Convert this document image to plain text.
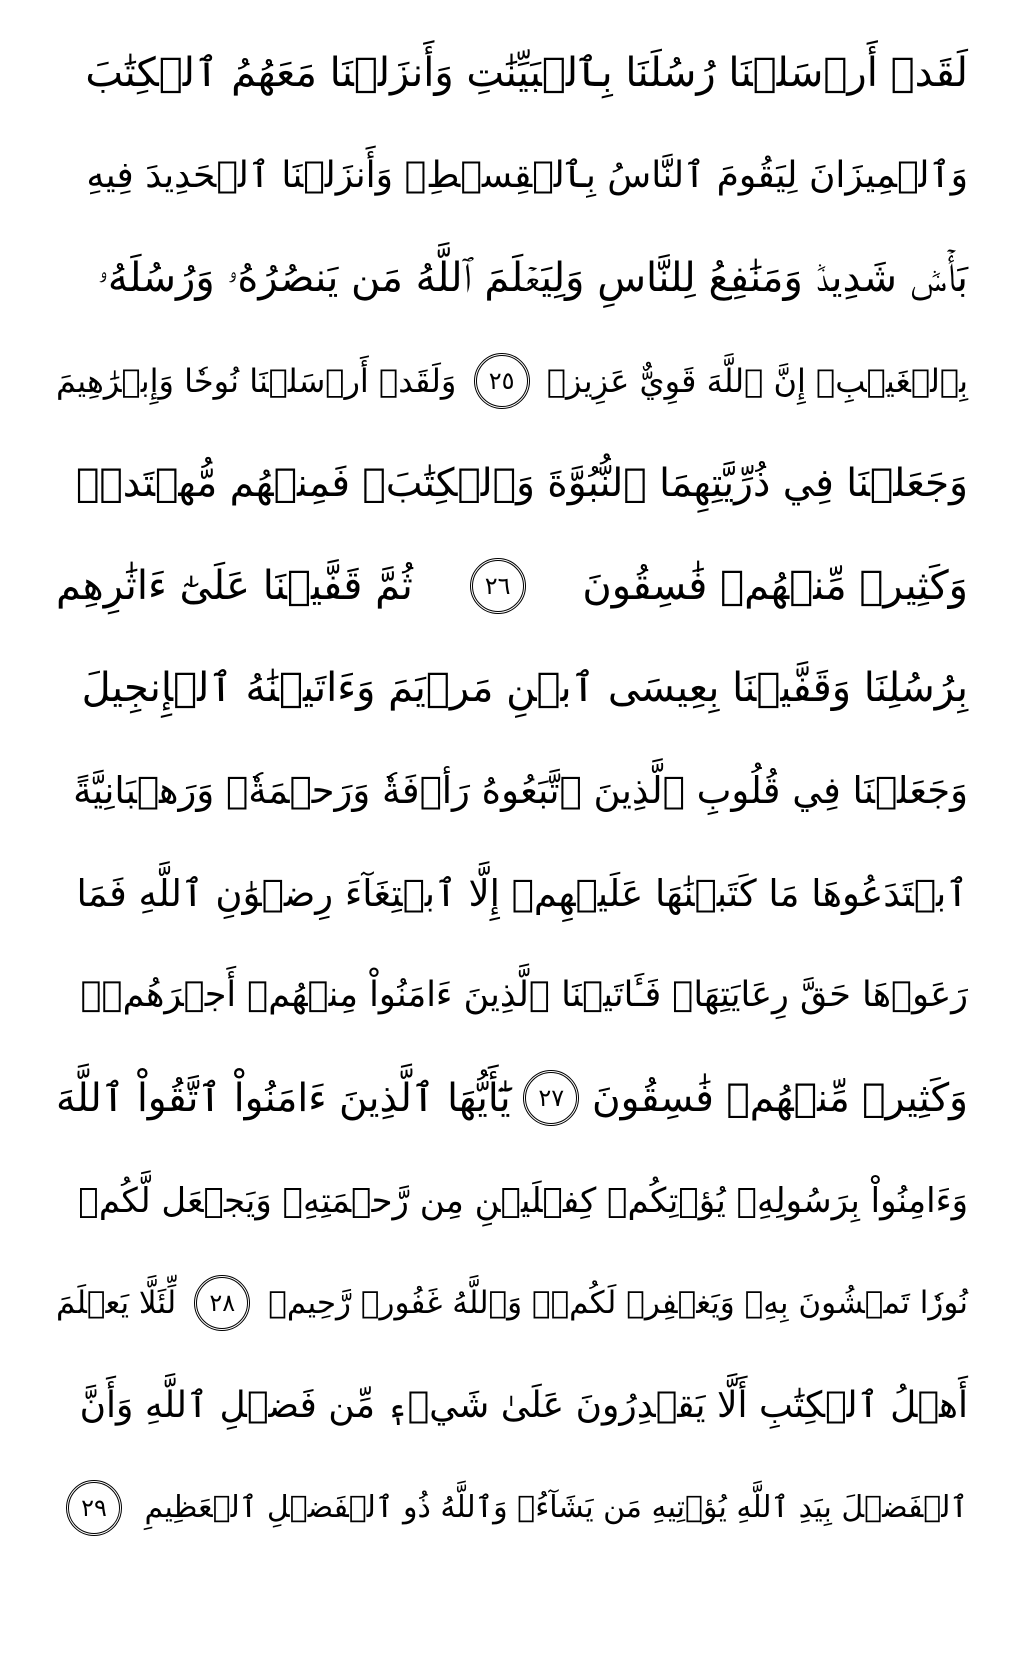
لَقَدۡ أَرۡسَلۡنَا رُسُلَنَا بِٱلۡبَيِّنَٰتِ وَأَنزَلۡنَا مَعَهُمُ ٱلۡكِتَٰبَ
وَٱلۡمِيزَانَ لِيَقُومَ ٱلنَّاسُ بِٱلۡقِسۡطِۖ وَأَنزَلۡنَا ٱلۡحَدِيدَ فِيهِ
بَأۡسٞ شَدِيدٞ وَمَنَٰفِعُ لِلنَّاسِ وَلِيَعۡلَمَ ٱللَّهُ مَن يَنصُرُهُۥ وَرُسُلَهُۥ
بِٱلۡغَيۡبِۚ إِنَّ ٱللَّهَ قَوِيٌّ عَزِيزٞ
٢٥
وَلَقَدۡ أَرۡسَلۡنَا نُوحٗا وَإِبۡرَٰهِيمَ
وَجَعَلۡنَا فِي ذُرِّيَّتِهِمَا ٱلنُّبُوَّةَ وَٱلۡكِتَٰبَۖ فَمِنۡهُم مُّهۡتَدٖۖ
وَكَثِيرٞ مِّنۡهُمۡ فَٰسِقُونَ
٢٦
ثُمَّ قَفَّيۡنَا عَلَىٰٓ ءَاثَٰرِهِم
بِرُسُلِنَا وَقَفَّيۡنَا بِعِيسَى ٱبۡنِ مَرۡيَمَ وَءَاتَيۡنَٰهُ ٱلۡإِنجِيلَ
وَجَعَلۡنَا فِي قُلُوبِ ٱلَّذِينَ ٱتَّبَعُوهُ رَأۡفَةٗ وَرَحۡمَةٗۚ وَرَهۡبَانِيَّةً
ٱبۡتَدَعُوهَا مَا كَتَبۡنَٰهَا عَلَيۡهِمۡ إِلَّا ٱبۡتِغَآءَ رِضۡوَٰنِ ٱللَّهِ فَمَا
رَعَوۡهَا حَقَّ رِعَايَتِهَاۖ فَـَٔاتَيۡنَا ٱلَّذِينَ ءَامَنُواْ مِنۡهُمۡ أَجۡرَهُمۡۖ
وَكَثِيرٞ مِّنۡهُمۡ فَٰسِقُونَ
٢٧
يَٰٓأَيُّهَا ٱلَّذِينَ ءَامَنُواْ ٱتَّقُواْ ٱللَّهَ
وَءَامِنُواْ بِرَسُولِهِۦ يُؤۡتِكُمۡ كِفۡلَيۡنِ مِن رَّحۡمَتِهِۦ وَيَجۡعَل لَّكُمۡ
نُورٗا تَمۡشُونَ بِهِۦ وَيَغۡفِرۡ لَكُمۡۚ وَٱللَّهُ غَفُورٞ رَّحِيمٞ
٢٨
لِّئَلَّا يَعۡلَمَ
أَهۡلُ ٱلۡكِتَٰبِ أَلَّا يَقۡدِرُونَ عَلَىٰ شَيۡءٖ مِّن فَضۡلِ ٱللَّهِ وَأَنَّ
ٱلۡفَضۡلَ بِيَدِ ٱللَّهِ يُؤۡتِيهِ مَن يَشَآءُۚ وَٱللَّهُ ذُو ٱلۡفَضۡلِ ٱلۡعَظِيمِ
٢٩
